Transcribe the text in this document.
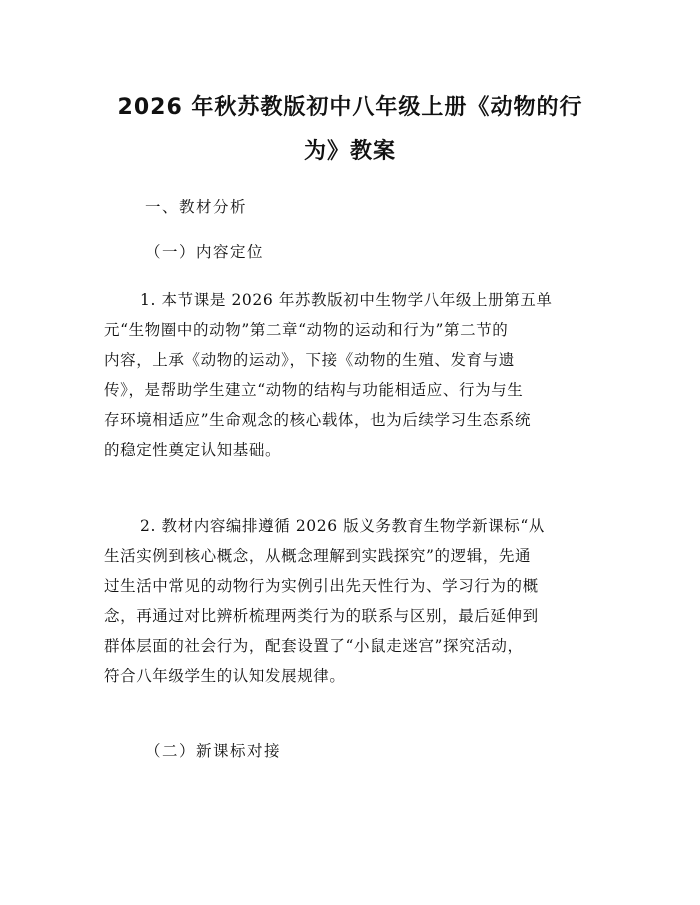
2026 年秋苏教版初中八年级上册《动物的行
为》教案
一、教材分析
（一）内容定位
1. 本节课是 2026 年苏教版初中生物学八年级上册第五单
元“生物圈中的动物”第二章“动物的运动和行为”第二节的
内容，上承《动物的运动》，下接《动物的生殖、发育与遗
传》，是帮助学生建立“动物的结构与功能相适应、行为与生
存环境相适应”生命观念的核心载体，也为后续学习生态系统
的稳定性奠定认知基础。
2. 教材内容编排遵循 2026 版义务教育生物学新课标“从
生活实例到核心概念，从概念理解到实践探究”的逻辑，先通
过生活中常见的动物行为实例引出先天性行为、学习行为的概
念，再通过对比辨析梳理两类行为的联系与区别，最后延伸到
群体层面的社会行为，配套设置了“小鼠走迷宫”探究活动，
符合八年级学生的认知发展规律。
（二）新课标对接
